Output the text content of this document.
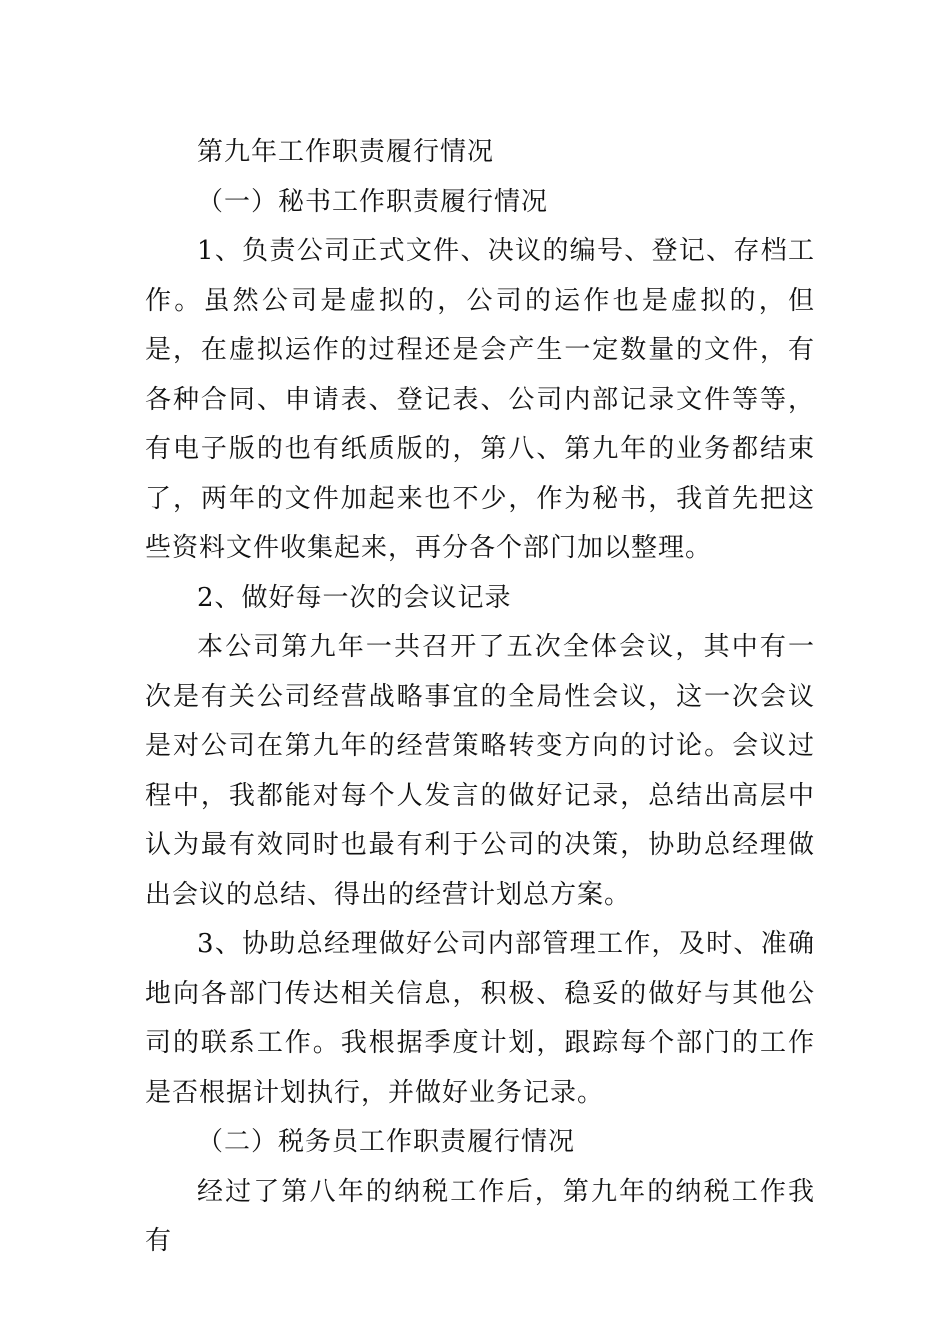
第九年工作职责履行情况

（一）秘书工作职责履行情况

1、负责公司正式文件、决议的编号、登记、存档工作。虽然公司是虚拟的，公司的运作也是虚拟的，但是，在虚拟运作的过程还是会产生一定数量的文件，有各种合同、申请表、登记表、公司内部记录文件等等，有电子版的也有纸质版的，第八、第九年的业务都结束了，两年的文件加起来也不少，作为秘书，我首先把这些资料文件收集起来，再分各个部门加以整理。

2、做好每一次的会议记录

本公司第九年一共召开了五次全体会议，其中有一次是有关公司经营战略事宜的全局性会议，这一次会议是对公司在第九年的经营策略转变方向的讨论。会议过程中，我都能对每个人发言的做好记录，总结出高层中认为最有效同时也最有利于公司的决策，协助总经理做出会议的总结、得出的经营计划总方案。

3、协助总经理做好公司内部管理工作，及时、准确地向各部门传达相关信息，积极、稳妥的做好与其他公司的联系工作。我根据季度计划，跟踪每个部门的工作是否根据计划执行，并做好业务记录。

（二）税务员工作职责履行情况

经过了第八年的纳税工作后，第九年的纳税工作我有
